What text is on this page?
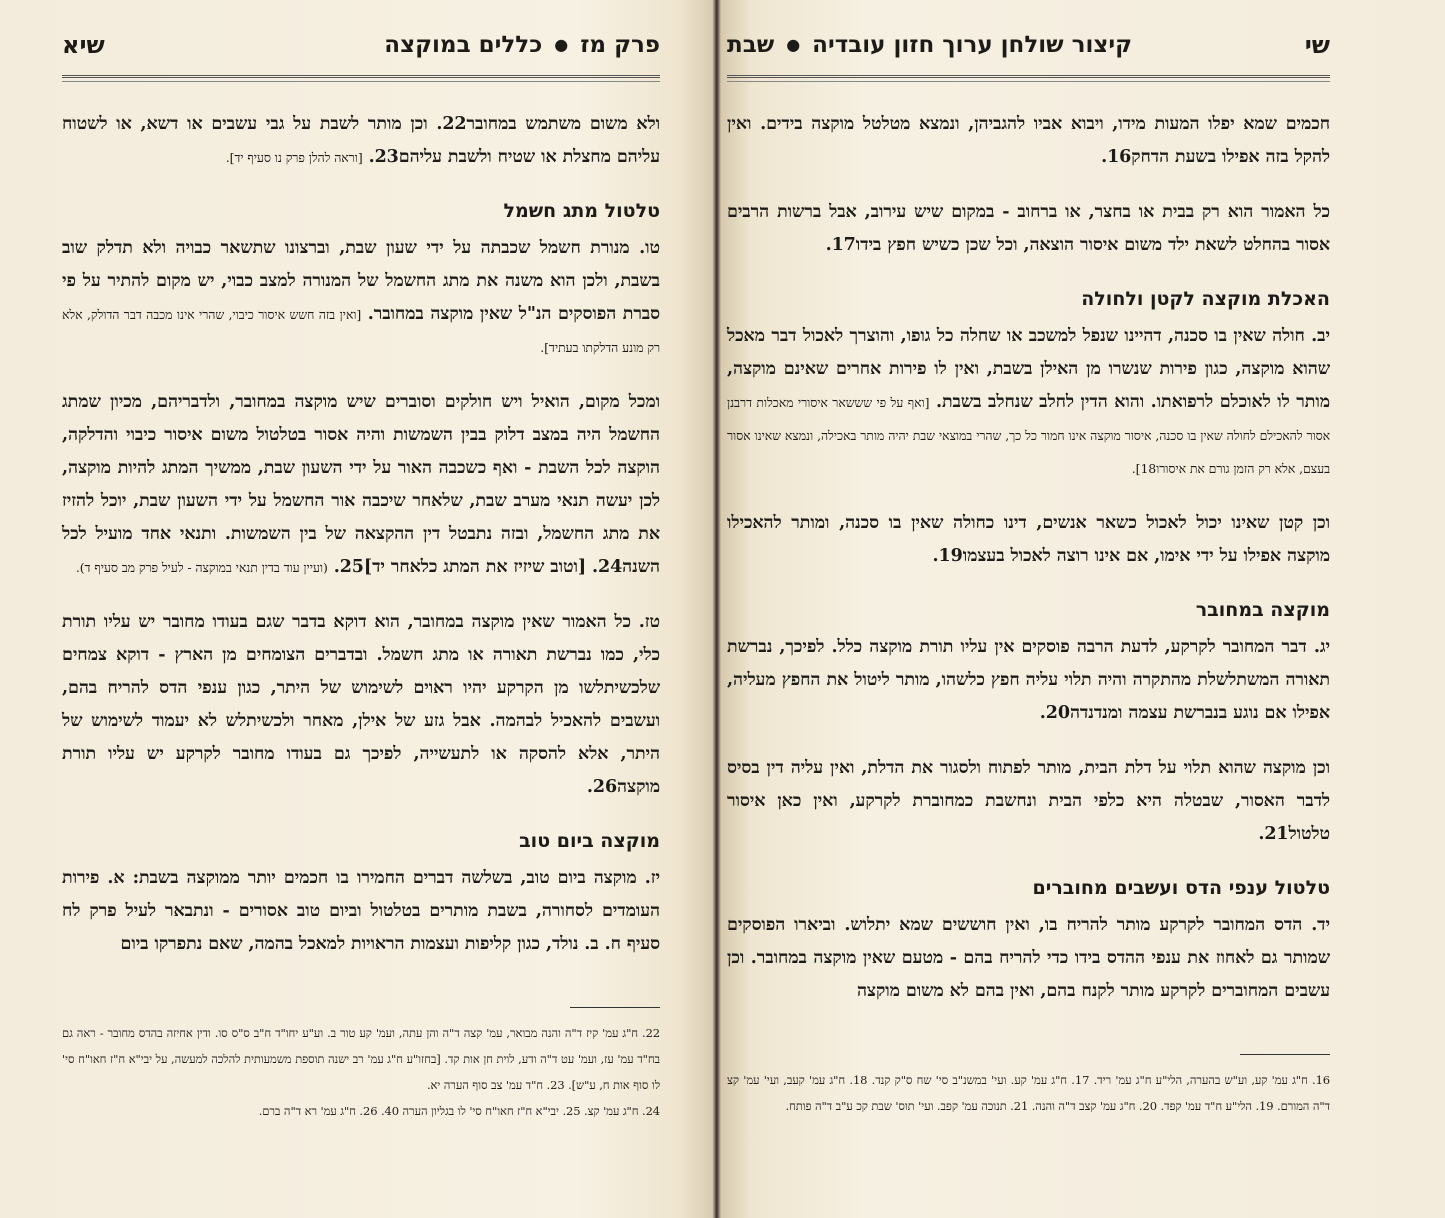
פרק מז
●
כללים במוקצה
שיא

ולא משום משתמש במחובר22. וכן מותר לשבת על גבי עשבים או דשא, או לשטוח עליהם מחצלת או שטיח ולשבת עליהם23. [וראה להלן פרק נו סעיף יד].

טלטול מתג חשמל

טו. מנורת חשמל שכבתה על ידי שעון שבת, וברצונו שתשאר כבויה ולא תדלק שוב בשבת, ולכן הוא משנה את מתג החשמל של המנורה למצב כבוי, יש מקום להתיר על פי סברת הפוסקים הנ"ל שאין מוקצה במחובר. [ואין בזה חשש איסור כיבוי, שהרי אינו מכבה דבר הדולק, אלא רק מונע הדלקתו בעתיד].

ומכל מקום, הואיל ויש חולקים וסוברים שיש מוקצה במחובר, ולדבריהם, מכיון שמתג החשמל היה במצב דלוק בבין השמשות והיה אסור בטלטול משום איסור כיבוי והדלקה, הוקצה לכל השבת - ואף כשכבה האור על ידי השעון שבת, ממשיך המתג להיות מוקצה, לכן יעשה תנאי מערב שבת, שלאחר שיכבה אור החשמל על ידי השעון שבת, יוכל להזיז את מתג החשמל, ובזה נתבטל דין ההקצאה של בין השמשות. ותנאי אחד מועיל לכל השנה24. [וטוב שיזיז את המתג כלאחר יד]25. (ועיין עוד בדין תנאי במוקצה - לעיל פרק מב סעיף ד).

טז. כל האמור שאין מוקצה במחובר, הוא דוקא בדבר שגם בעודו מחובר יש עליו תורת כלי, כמו נברשת תאורה או מתג חשמל. ובדברים הצומחים מן הארץ - דוקא צמחים שלכשיתלשו מן הקרקע יהיו ראוים לשימוש של היתר, כגון ענפי הדס להריח בהם, ועשבים להאכיל לבהמה. אבל גזע של אילן, מאחר ולכשיתלש לא יעמוד לשימוש של היתר, אלא להסקה או לתעשייה, לפיכך גם בעודו מחובר לקרקע יש עליו תורת מוקצה26.

מוקצה ביום טוב

יז. מוקצה ביום טוב, בשלשה דברים החמירו בו חכמים יותר ממוקצה בשבת: א. פירות העומדים לסחורה, בשבת מותרים בטלטול וביום טוב אסורים - ונתבאר לעיל פרק לח סעיף ח. ב. נולד, כגון קליפות ועצמות הראויות למאכל בהמה, שאם נתפרקו ביום

22. ח"ג עמ' קיז ד"ה והנה מבואר, עמ' קצה ד"ה והן עתה, ועמ' קע טור ב. וע"ע יחו"ד ח"ב ס"ס סו. ודין אחיזה בהדס מחובר - ראה גם בח"ד עמ' עז, ועמ' עט ד"ה ודע, לוית חן אות קד. [בחזו"ע ח"ג עמ' רב ישנה תוספת משמעותית להלכה למעשה, על יבי"א ח"ז חאו"ח סי' לו סוף אות ח, ע"ש]. 23. ח"ד עמ' צב סוף הערה יא.

24. ח"ג עמ' קצ. 25. יבי"א ח"ז חאו"ח סי' לו בגליון הערה 40. 26. ח"ג עמ' רא ד"ה ברם.

שי
קיצור שולחן ערוך חזון עובדיה
●
שבת

חכמים שמא יפלו המעות מידו, ויבוא אביו להגביהן, ונמצא מטלטל מוקצה בידים. ואין להקל בזה אפילו בשעת הדחק16.

כל האמור הוא רק בבית או בחצר, או ברחוב - במקום שיש עירוב, אבל ברשות הרבים אסור בהחלט לשאת ילד משום איסור הוצאה, וכל שכן כשיש חפץ בידו17.

האכלת מוקצה לקטן ולחולה

יב. חולה שאין בו סכנה, דהיינו שנפל למשכב או שחלה כל גופו, והוצרך לאכול דבר מאכל שהוא מוקצה, כגון פירות שנשרו מן האילן בשבת, ואין לו פירות אחרים שאינם מוקצה, מותר לו לאוכלם לרפואתו. והוא הדין לחלב שנחלב בשבת. [ואף על פי שששאר איסורי מאכלות דרבנן אסור להאכילם לחולה שאין בו סכנה, איסור מוקצה אינו חמור כל כך, שהרי במוצאי שבת יהיה מותר באכילה, ונמצא שאינו אסור בעצם, אלא רק הזמן גורם את איסורו18].

וכן קטן שאינו יכול לאכול כשאר אנשים, דינו כחולה שאין בו סכנה, ומותר להאכילו מוקצה אפילו על ידי אימו, אם אינו רוצה לאכול בעצמו19.

מוקצה במחובר

יג. דבר המחובר לקרקע, לדעת הרבה פוסקים אין עליו תורת מוקצה כלל. לפיכך, נברשת תאורה המשתלשלת מהתקרה והיה תלוי עליה חפץ כלשהו, מותר ליטול את החפץ מעליה, אפילו אם נוגע בנברשת עצמה ומנדנדה20.

וכן מוקצה שהוא תלוי על דלת הבית, מותר לפתוח ולסגור את הדלת, ואין עליה דין בסיס לדבר האסור, שבטלה היא כלפי הבית ונחשבת כמחוברת לקרקע, ואין כאן איסור טלטול21.

טלטול ענפי הדס ועשבים מחוברים

יד. הדס המחובר לקרקע מותר להריח בו, ואין חוששים שמא יתלוש. וביארו הפוסקים שמותר גם לאחוז את ענפי ההדס בידו כדי להריח בהם - מטעם שאין מוקצה במחובר. וכן עשבים המחוברים לקרקע מותר לקנח בהם, ואין בהם לא משום מוקצה

16. ח"ג עמ' קע, וע"ש בהערה, הלי"ע ח"ג עמ' ריד. 17. ח"ג עמ' קע. ועי' במשנ"ב סי' שח ס"ק קנד. 18. ח"ג עמ' קעב, ועי' עמ' קצ ד"ה המורם. 19. הלי"ע ח"ד עמ' קפד. 20. ח"ג עמ' קצב ד"ה והנה. 21. תנוכה עמ' קפב. ועי' תוס' שבת קכ ע"ב ד"ה פותח.
